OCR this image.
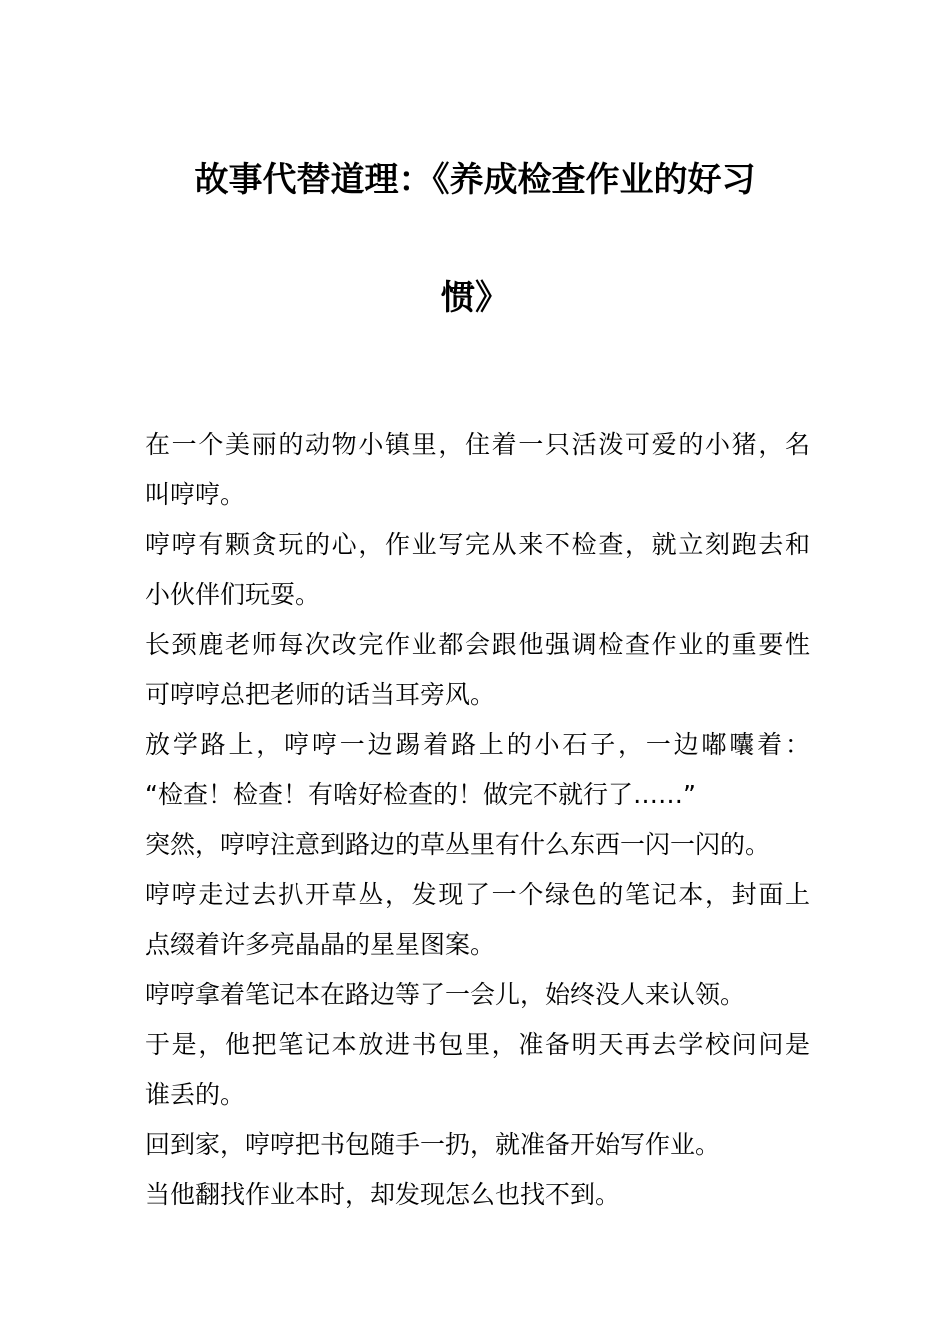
故事代替道理：《养成检查作业的好习
惯》
在一个美丽的动物小镇里，住着一只活泼可爱的小猪，名
叫哼哼。
哼哼有颗贪玩的心，作业写完从来不检查，就立刻跑去和
小伙伴们玩耍。
长颈鹿老师每次改完作业都会跟他强调检查作业的重要性
可哼哼总把老师的话当耳旁风。
放学路上，哼哼一边踢着路上的小石子，一边嘟囔着：
“检查！检查！有啥好检查的！做完不就行了……”
突然，哼哼注意到路边的草丛里有什么东西一闪一闪的。
哼哼走过去扒开草丛，发现了一个绿色的笔记本，封面上
点缀着许多亮晶晶的星星图案。
哼哼拿着笔记本在路边等了一会儿，始终没人来认领。
于是，他把笔记本放进书包里，准备明天再去学校问问是
谁丢的。
回到家，哼哼把书包随手一扔，就准备开始写作业。
当他翻找作业本时，却发现怎么也找不到。
